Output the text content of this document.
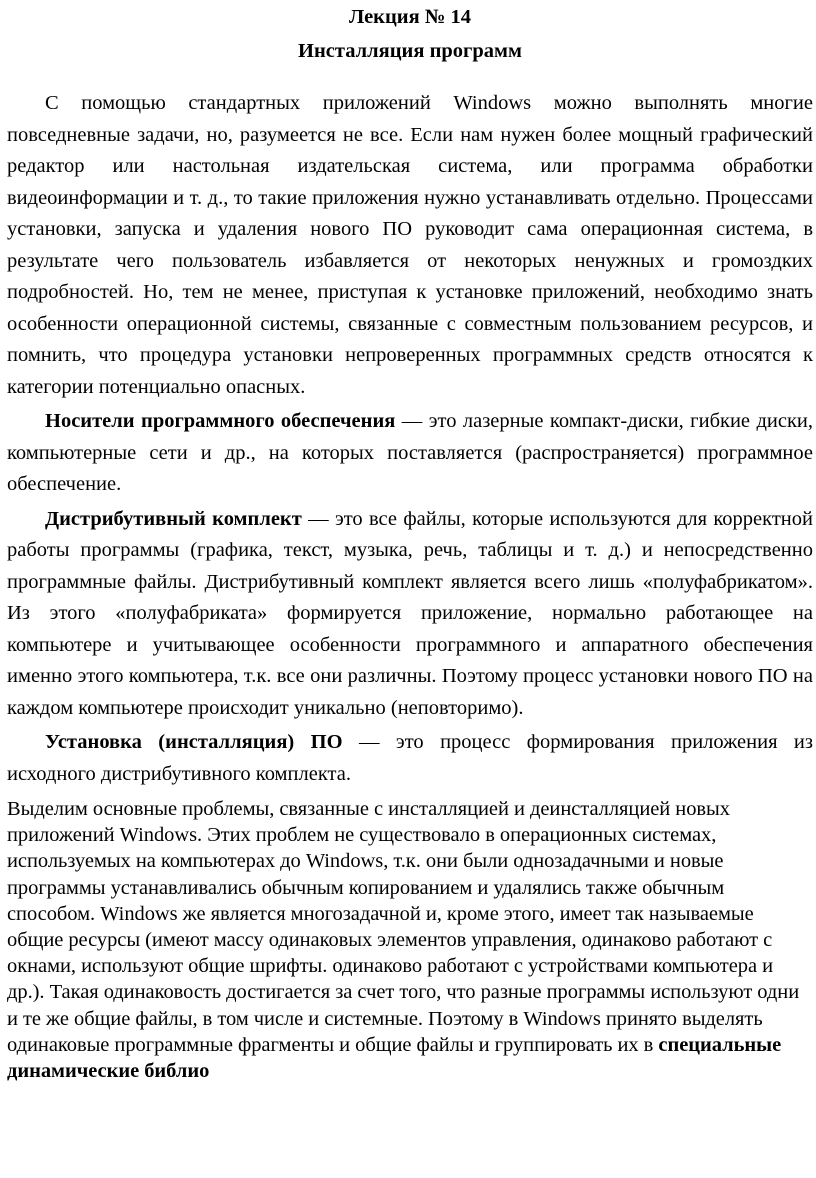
Лекция № 14

Инсталляция программ

С помощью стандартных приложений Windows можно выполнять многие повседневные задачи, но, разумеется не все. Если нам нужен более мощный графический редактор или настольная издательская система, или программа обработки видеоинформации и т. д., то такие приложения нужно устанавливать отдельно. Процессами установки, запуска и удаления нового ПО руководит сама операционная система, в результате чего пользователь избавляется от некоторых ненужных и громоздких подробностей. Но, тем не менее, приступая к установке приложений, необходимо знать особенности операционной системы, связанные с совместным пользованием ресурсов, и помнить, что процедура установки непроверенных программных средств относятся к категории потенциально опасных.

Носители программного обеспечения — это лазерные компакт-диски, гибкие диски, компьютерные сети и др., на которых поставляется (распространяется) программное обеспечение.

Дистрибутивный комплект — это все файлы, которые используются для корректной работы программы (графика, текст, музыка, речь, таблицы и т. д.) и непосредственно программные файлы. Дистрибутивный комплект является всего лишь «полуфабрикатом». Из этого «полуфабриката» формируется приложение, нормально работающее на компьютере и учитывающее особенности программного и аппаратного обеспечения именно этого компьютера, т.к. все они различны. Поэтому процесс установки нового ПО на каждом компьютере происходит уникально (неповторимо).

Установка (инсталляция) ПО — это процесс формирования приложения из исходного дистрибутивного комплекта.

Выделим основные проблемы, связанные с инсталляцией и деинсталляцией новых приложений Windows. Этих проблем не существовало в операционных системах, используемых на компьютерах до Windows, т.к. они были однозадачными и новые программы устанавливались обычным копированием и удалялись также обычным способом. Windows же является многозадачной и, кроме этого, имеет так называемые общие ресурсы (имеют массу одинаковых элементов управления, одинаково работают с окнами, используют общие шрифты. одинаково работают с устройствами компьютера и др.). Такая одинаковость достигается за счет того, что разные программы используют одни и те же общие файлы, в том числе и системные. Поэтому в Windows принято выделять одинаковые программные фрагменты и общие файлы и группировать их в специальные динамические библио
